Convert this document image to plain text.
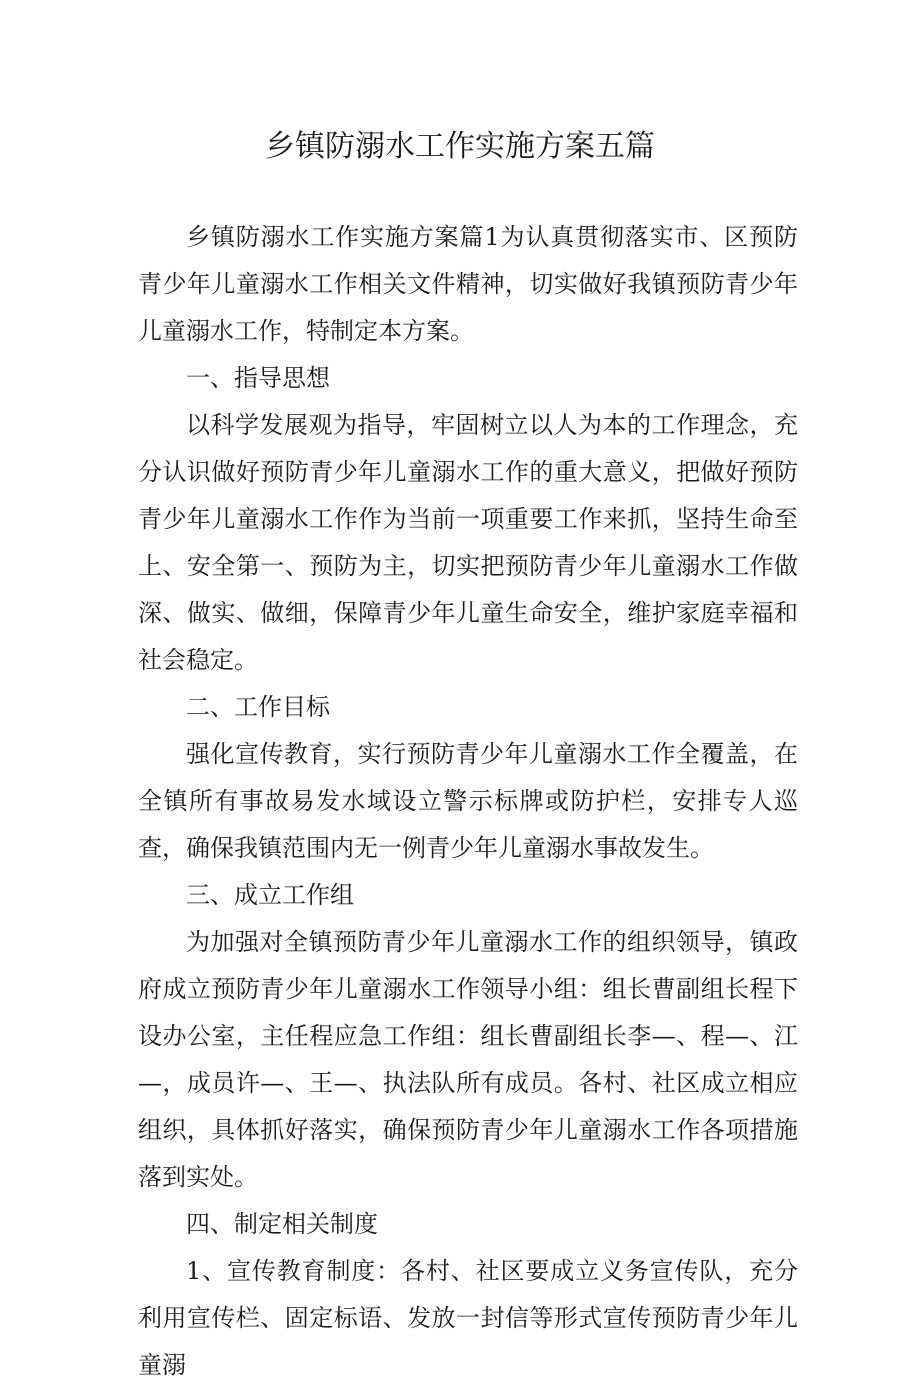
乡镇防溺水工作实施方案五篇

乡镇防溺水工作实施方案篇1为认真贯彻落实市、区预防青少年儿童溺水工作相关文件精神，切实做好我镇预防青少年儿童溺水工作，特制定本方案。

一、指导思想

以科学发展观为指导，牢固树立以人为本的工作理念，充分认识做好预防青少年儿童溺水工作的重大意义，把做好预防青少年儿童溺水工作作为当前一项重要工作来抓，坚持生命至上、安全第一、预防为主，切实把预防青少年儿童溺水工作做深、做实、做细，保障青少年儿童生命安全，维护家庭幸福和社会稳定。

二、工作目标

强化宣传教育，实行预防青少年儿童溺水工作全覆盖，在全镇所有事故易发水域设立警示标牌或防护栏，安排专人巡查，确保我镇范围内无一例青少年儿童溺水事故发生。

三、成立工作组

为加强对全镇预防青少年儿童溺水工作的组织领导，镇政府成立预防青少年儿童溺水工作领导小组：组长曹副组长程下设办公室，主任程应急工作组：组长曹副组长李—、程—、江—，成员许—、王—、执法队所有成员。各村、社区成立相应组织，具体抓好落实，确保预防青少年儿童溺水工作各项措施落到实处。

四、制定相关制度

1、宣传教育制度：各村、社区要成立义务宣传队，充分利用宣传栏、固定标语、发放一封信等形式宣传预防青少年儿童溺
